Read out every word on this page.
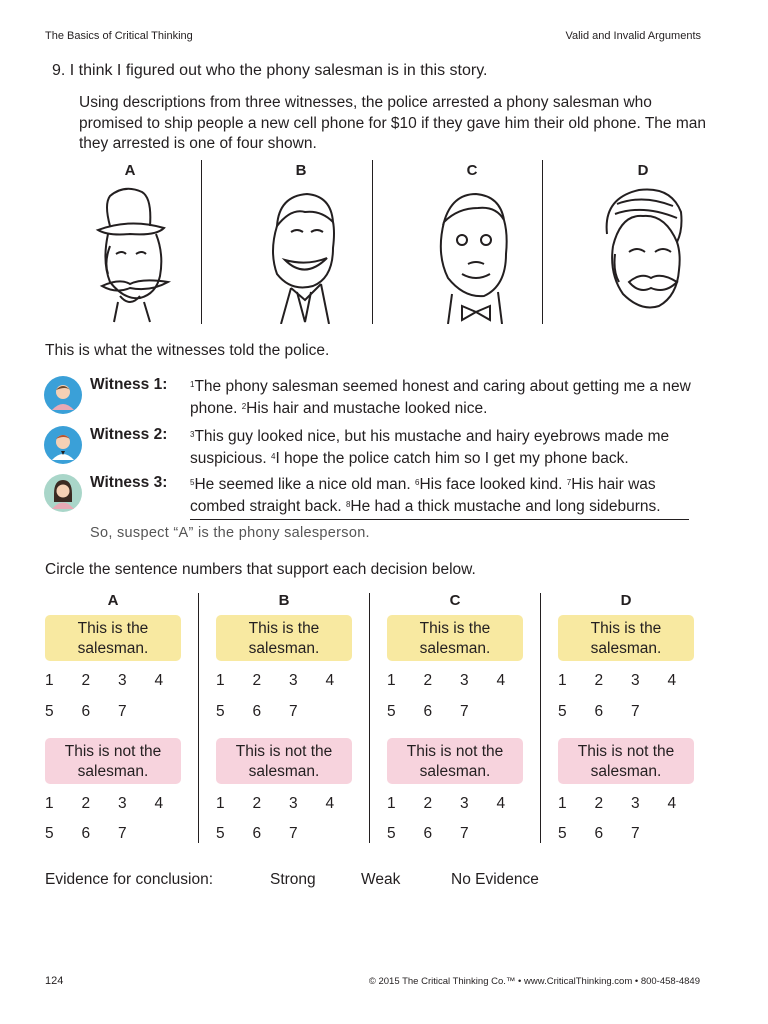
The Basics of Critical Thinking	Valid and Invalid Arguments
9. I think I figured out who the phony salesman is in this story.
Using descriptions from three witnesses, the police arrested a phony salesman who promised to ship people a new cell phone for $10 if they gave him their old phone. The man they arrested is one of four shown.
A	B	C	D
This is what the witnesses told the police.
Witness 1:	$^1$The phony salesman seemed honest and caring about getting me a new phone. $^2$His hair and mustache looked nice.
Witness 2:	$^3$This guy looked nice, but his mustache and hairy eyebrows made me suspicious. $^4$I hope the police catch him so I get my phone back.
Witness 3:	$^5$He seemed like a nice old man. $^6$His face looked kind. $^7$His hair was combed straight back. $^8$He had a thick mustache and long sideburns.
So, suspect “A” is the phony salesperson.
Circle the sentence numbers that support each decision below.
A
This is the salesman.
1 2 3 4
5 6 7
This is not the salesman.
1 2 3 4
5 6 7
B
This is the salesman.
1 2 3 4
5 6 7
This is not the salesman.
1 2 3 4
5 6 7
C
This is the salesman.
1 2 3 4
5 6 7
This is not the salesman.
1 2 3 4
5 6 7
D
This is the salesman.
1 2 3 4
5 6 7
This is not the salesman.
1 2 3 4
5 6 7
Evidence for conclusion:	Strong	Weak	No Evidence
124	© 2015 The Critical Thinking Co.™ • www.CriticalThinking.com • 800-458-4849
